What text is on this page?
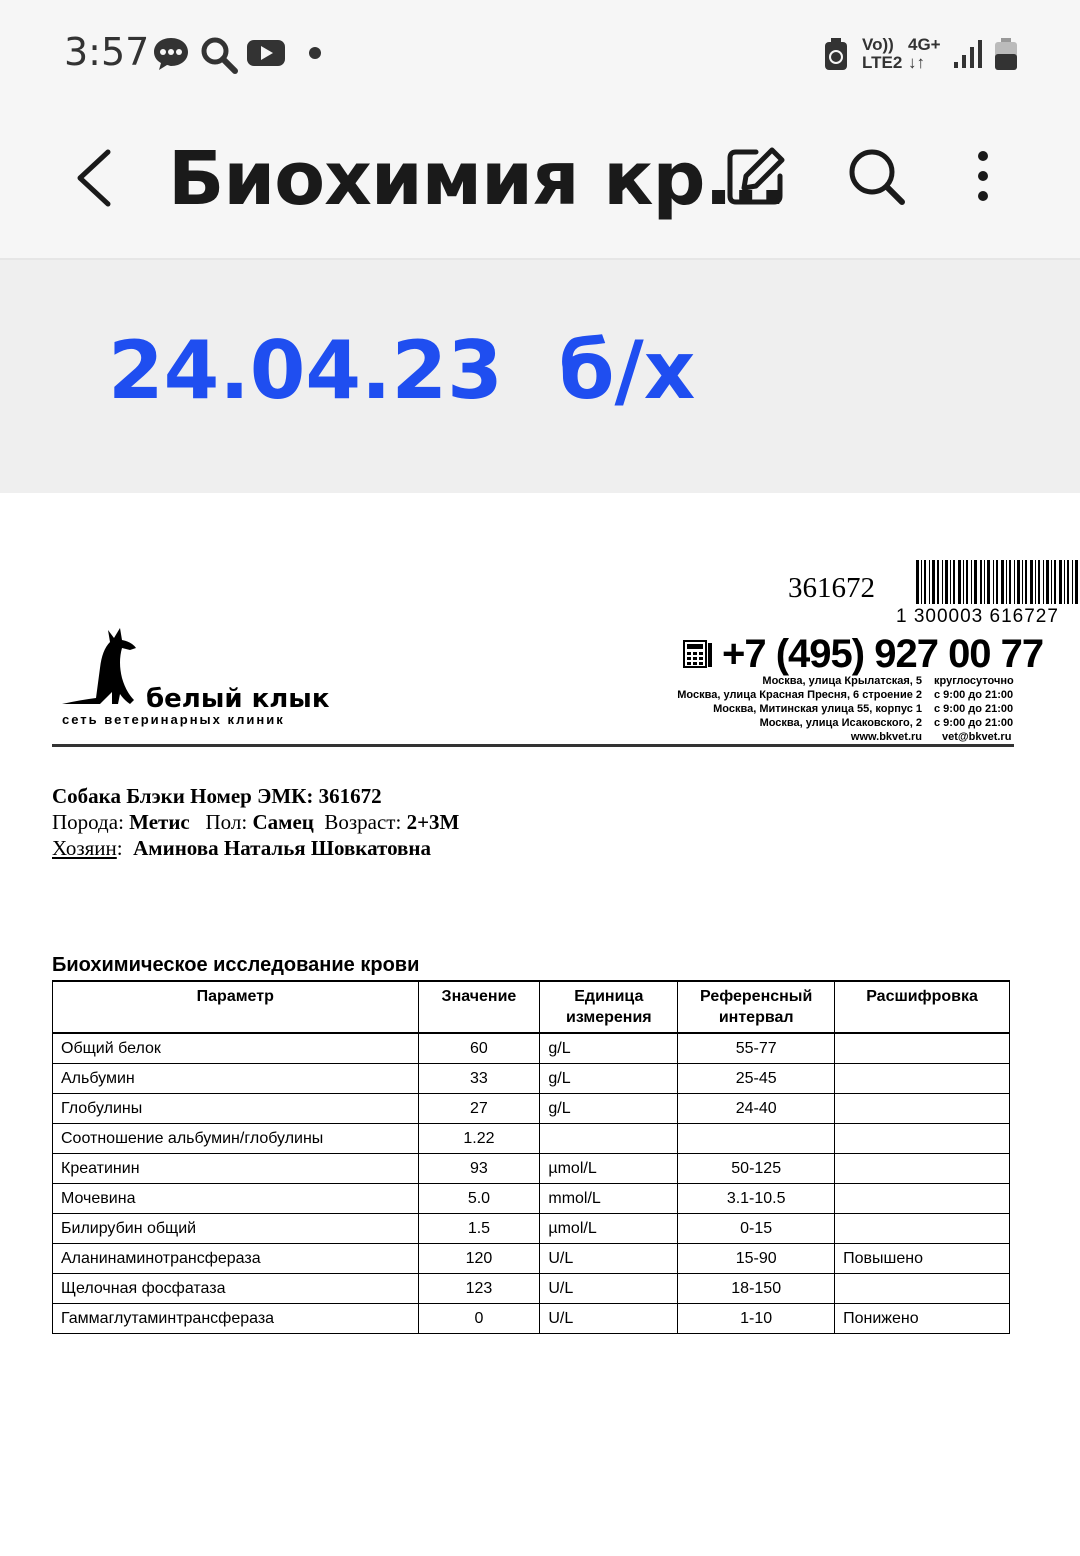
3:57	Vo))
LTE2
4G+
↓↑
Биохимия кр...
24.04.23 б/х
361672
1 300003 616727
+7 (495) 927 00 77
Москва, улица Крылатская, 5
Москва, улица Красная Пресня, 6 строение 2
Москва, Митинская улица 55, корпус 1
Москва, улица Исаковского, 2
www.bkvet.ru
круглосуточно
с 9:00 до 21:00
с 9:00 до 21:00
с 9:00 до 21:00
vet@bkvet.ru
белый клык
сеть ветеринарных клиник
Собака Блэки Номер ЭМК: 361672
Порода: Метис Пол: Самец Возраст: 2+3М
Хозяин:  Аминова Наталья Шовкатовна
Биохимическое исследование крови
Параметр	Значение	Единица измерения	Референсный интервал	Расшифровка
Общий белок	60	g/L	55-77	
Альбумин	33	g/L	25-45	
Глобулины	27	g/L	24-40	
Соотношение альбумин/глобулины	1.22			
Креатинин	93	µmol/L	50-125	
Мочевина	5.0	mmol/L	3.1-10.5	
Билирубин общий	1.5	µmol/L	0-15	
Аланинаминотрансфераза	120	U/L	15-90	Повышено
Щелочная фосфатаза	123	U/L	18-150	
Гаммаглутаминтрансфераза	0	U/L	1-10	Понижено
